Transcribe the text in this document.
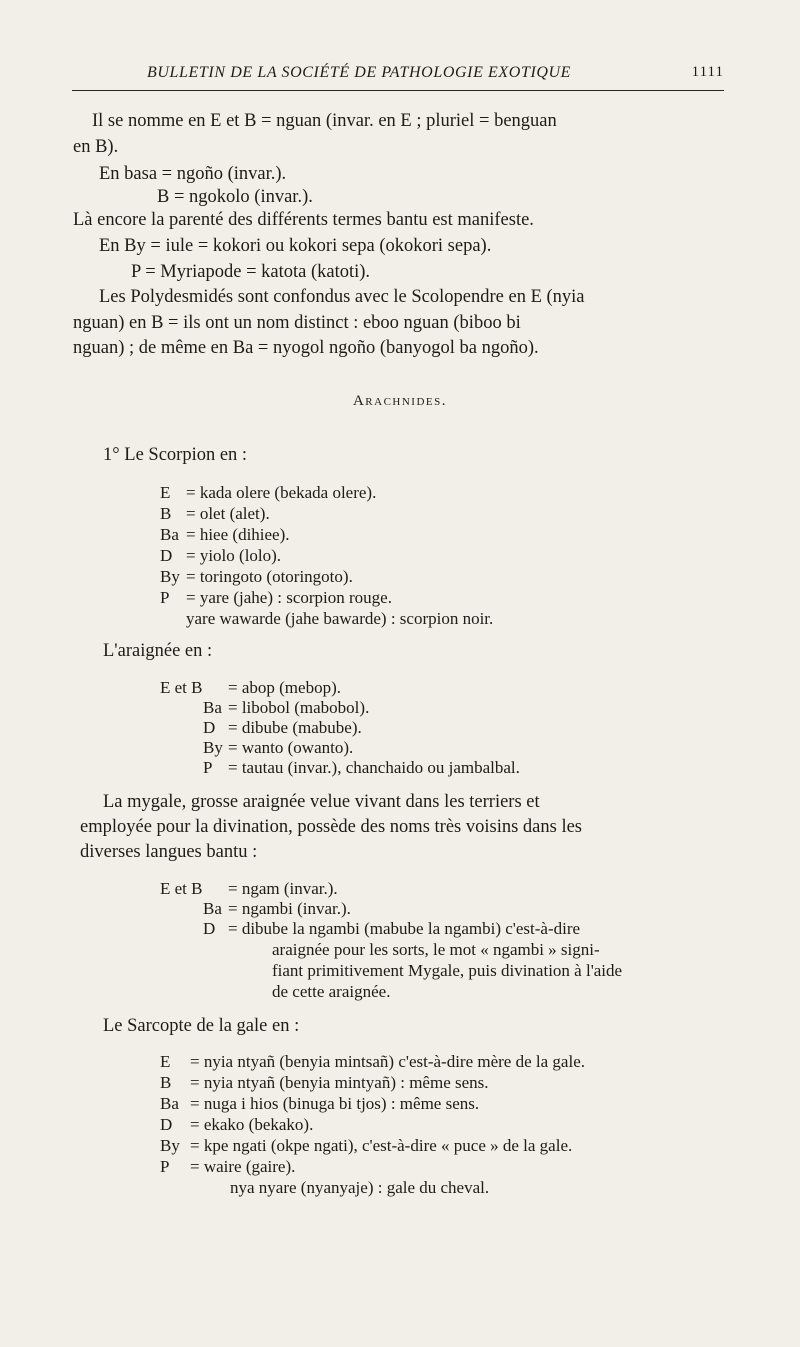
BULLETIN DE LA SOCIÉTÉ DE PATHOLOGIE EXOTIQUE	1111
Il se nomme en E et B = nguan (invar. en E ; pluriel = benguan
en B).
En basa = ngoño (invar.).
B = ngokolo (invar.).
Là encore la parenté des différents termes bantu est manifeste.
En By = iule = kokori ou kokori sepa (okokori sepa).
P = Myriapode = katota (katoti).
Les Polydesmidés sont confondus avec le Scolopendre en E (nyia
nguan) en B = ils ont un nom distinct : eboo nguan (biboo bi
nguan) ; de même en Ba = nyogol ngoño (banyogol ba ngoño).
Arachnides.
1° Le Scorpion en :
E = kada olere (bekada olere).
B = olet (alet).
Ba = hiee (dihiee).
D = yiolo (lolo).
By = toringoto (otoringoto).
P = yare (jahe) : scorpion rouge.
yare wawarde (jahe bawarde) : scorpion noir.
L'araignée en :
E et B = abop (mebop).
Ba = libobol (mabobol).
D = dibube (mabube).
By = wanto (owanto).
P = tautau (invar.), chanchaido ou jambalbal.
La mygale, grosse araignée velue vivant dans les terriers et
employée pour la divination, possède des noms très voisins dans les
diverses langues bantu :
E et B = ngam (invar.).
Ba = ngambi (invar.).
D = dibube la ngambi (mabube la ngambi) c'est-à-dire
araignée pour les sorts, le mot « ngambi » signi-
fiant primitivement Mygale, puis divination à l'aide
de cette araignée.
Le Sarcopte de la gale en :
E = nyia ntyañ (benyia mintsañ) c'est-à-dire mère de la gale.
B = nyia ntyañ (benyia mintyañ) : même sens.
Ba = nuga i hios (binuga bi tjos) : même sens.
D = ekako (bekako).
By = kpe ngati (okpe ngati), c'est-à-dire « puce » de la gale.
P = waire (gaire).
nya nyare (nyanyaje) : gale du cheval.
